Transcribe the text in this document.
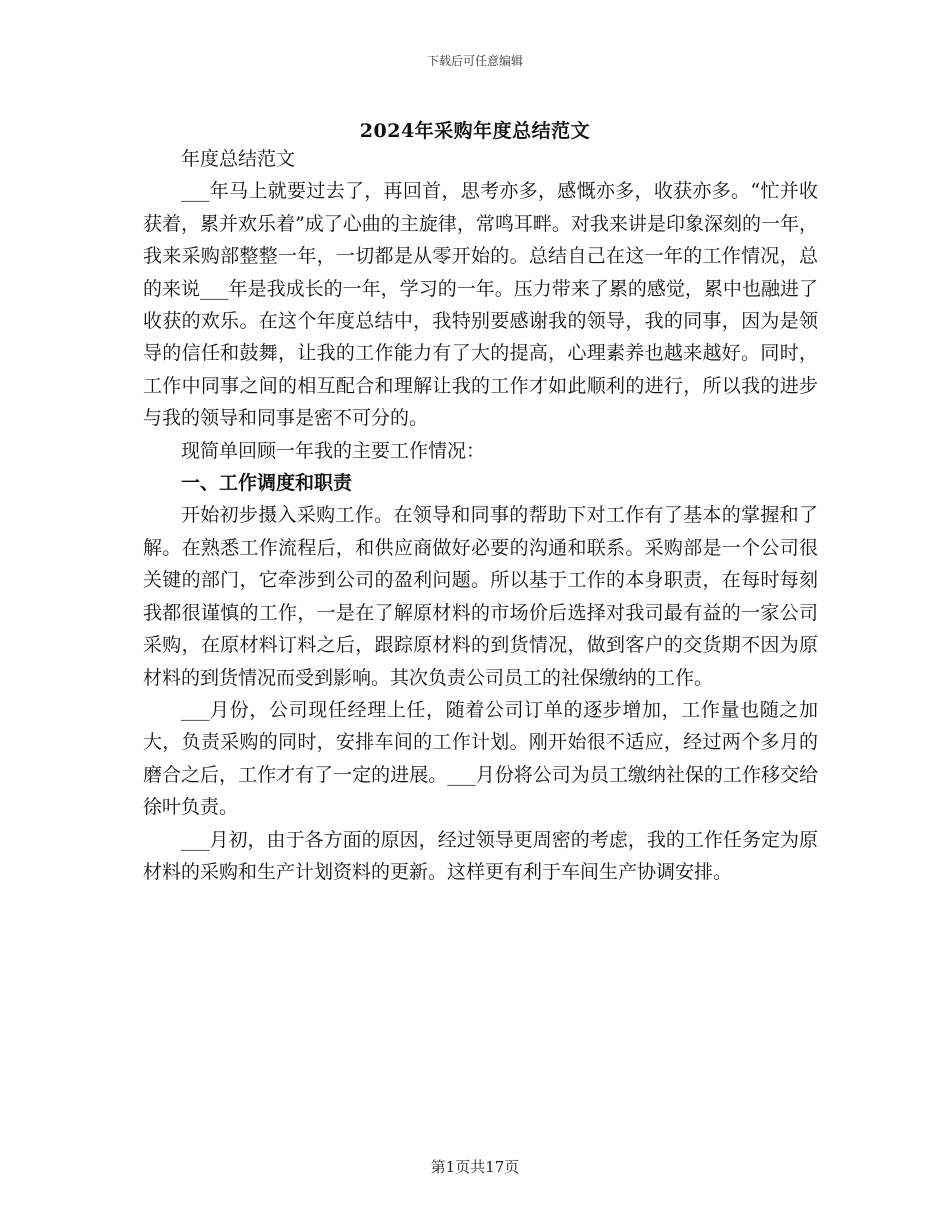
下载后可任意编辑
2024年采购年度总结范文

年度总结范文

___年马上就要过去了，再回首，思考亦多，感慨亦多，收获亦多。“忙并收获着，累并欢乐着”成了心曲的主旋律，常鸣耳畔。对我来讲是印象深刻的一年，我来采购部整整一年，一切都是从零开始的。总结自己在这一年的工作情况，总的来说___年是我成长的一年，学习的一年。压力带来了累的感觉，累中也融进了收获的欢乐。在这个年度总结中，我特别要感谢我的领导，我的同事，因为是领导的信任和鼓舞，让我的工作能力有了大的提高，心理素养也越来越好。同时，工作中同事之间的相互配合和理解让我的工作才如此顺利的进行，所以我的进步与我的领导和同事是密不可分的。

现简单回顾一年我的主要工作情况：

一、工作调度和职责

开始初步摄入采购工作。在领导和同事的帮助下对工作有了基本的掌握和了解。在熟悉工作流程后，和供应商做好必要的沟通和联系。采购部是一个公司很关键的部门，它牵涉到公司的盈利问题。所以基于工作的本身职责，在每时每刻我都很谨慎的工作，一是在了解原材料的市场价后选择对我司最有益的一家公司采购，在原材料订料之后，跟踪原材料的到货情况，做到客户的交货期不因为原材料的到货情况而受到影响。其次负责公司员工的社保缴纳的工作。

___月份，公司现任经理上任，随着公司订单的逐步增加，工作量也随之加大，负责采购的同时，安排车间的工作计划。刚开始很不适应，经过两个多月的磨合之后，工作才有了一定的进展。___月份将公司为员工缴纳社保的工作移交给徐叶负责。

___月初，由于各方面的原因，经过领导更周密的考虑，我的工作任务定为原材料的采购和生产计划资料的更新。这样更有利于车间生产协调安排。

第1页共17页
